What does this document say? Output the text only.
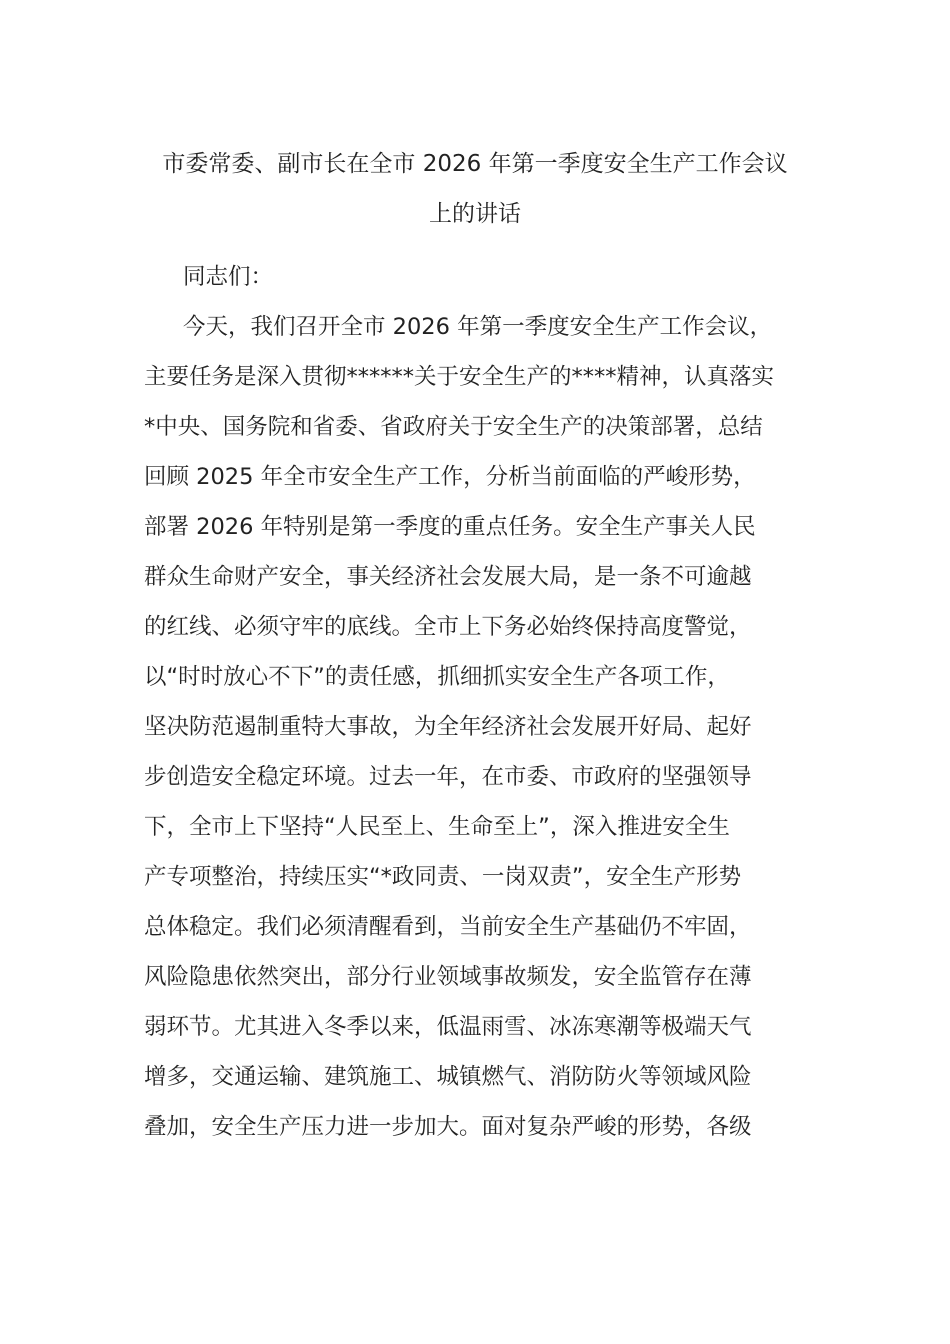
市委常委、副市长在全市 2026 年第一季度安全生产工作会议
上的讲话

同志们：

今天，我们召开全市 2026 年第一季度安全生产工作会议，

主要任务是深入贯彻******关于安全生产的****精神，认真落实

*中央、国务院和省委、省政府关于安全生产的决策部署，总结

回顾 2025 年全市安全生产工作，分析当前面临的严峻形势，

部署 2026 年特别是第一季度的重点任务。安全生产事关人民

群众生命财产安全，事关经济社会发展大局，是一条不可逾越

的红线、必须守牢的底线。全市上下务必始终保持高度警觉，

以“时时放心不下”的责任感，抓细抓实安全生产各项工作，

坚决防范遏制重特大事故，为全年经济社会发展开好局、起好

步创造安全稳定环境。过去一年，在市委、市政府的坚强领导

下，全市上下坚持“人民至上、生命至上”，深入推进安全生

产专项整治，持续压实“*政同责、一岗双责”，安全生产形势

总体稳定。我们必须清醒看到，当前安全生产基础仍不牢固，

风险隐患依然突出，部分行业领域事故频发，安全监管存在薄

弱环节。尤其进入冬季以来，低温雨雪、冰冻寒潮等极端天气

增多，交通运输、建筑施工、城镇燃气、消防防火等领域风险

叠加，安全生产压力进一步加大。面对复杂严峻的形势，各级
